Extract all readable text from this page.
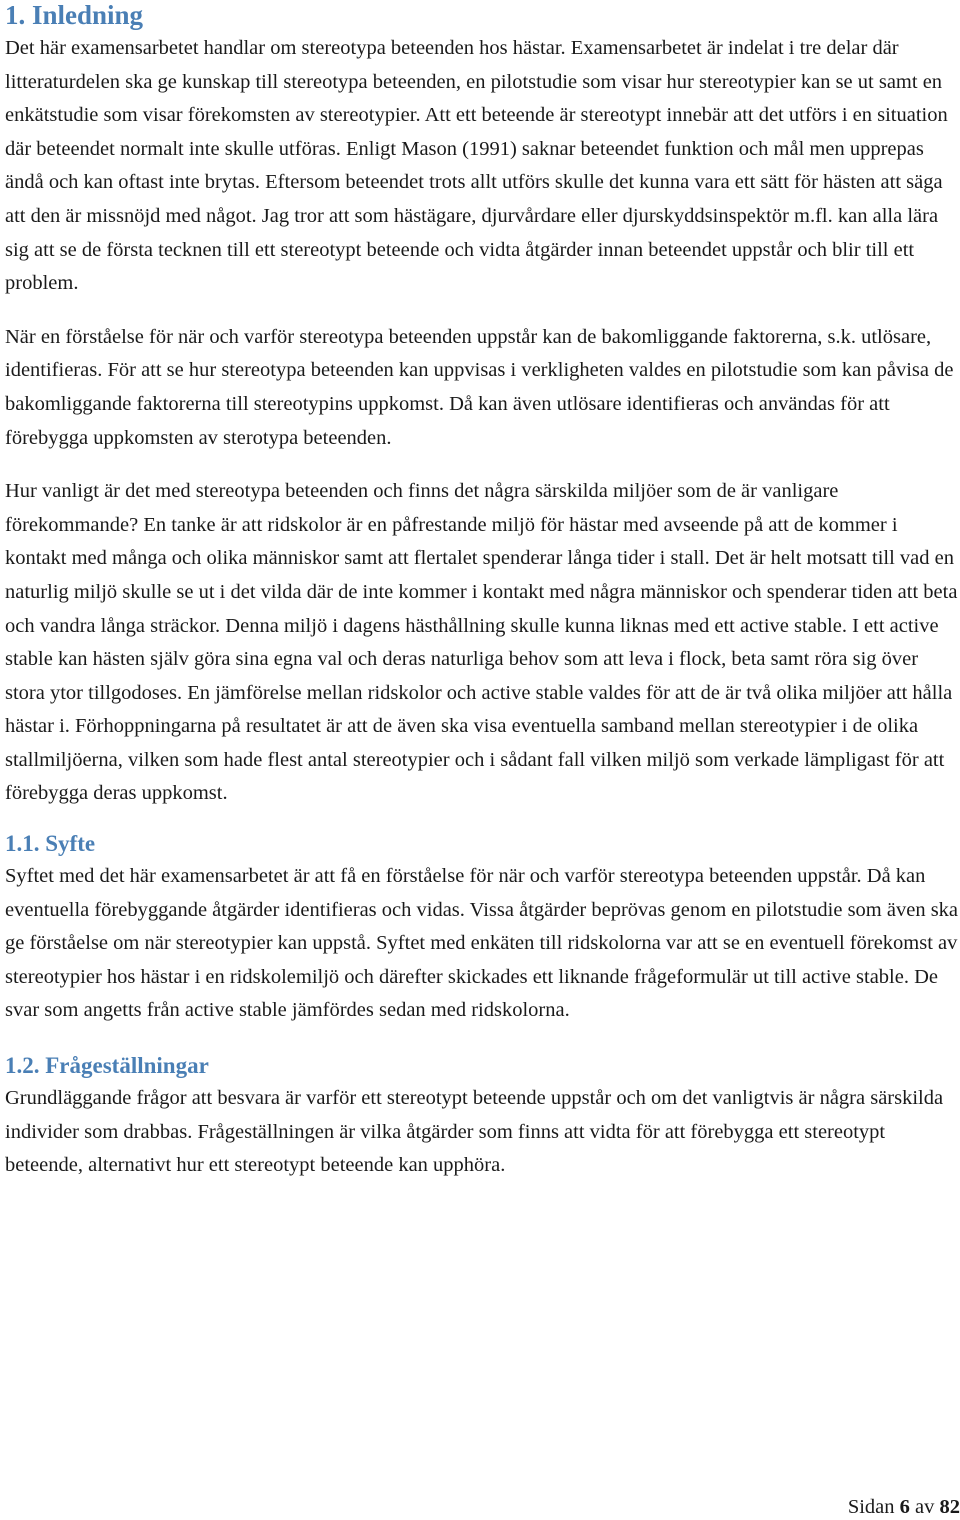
1. Inledning

Det här examensarbetet handlar om stereotypa beteenden hos hästar. Examensarbetet är indelat i tre delar där litteraturdelen ska ge kunskap till stereotypa beteenden, en pilotstudie som visar hur stereotypier kan se ut samt en enkätstudie som visar förekomsten av stereotypier. Att ett beteende är stereotypt innebär att det utförs i en situation där beteendet normalt inte skulle utföras. Enligt Mason (1991) saknar beteendet funktion och mål men upprepas ändå och kan oftast inte brytas. Eftersom beteendet trots allt utförs skulle det kunna vara ett sätt för hästen att säga att den är missnöjd med något. Jag tror att som hästägare, djurvårdare eller djurskyddsinspektör m.fl. kan alla lära sig att se de första tecknen till ett stereotypt beteende och vidta åtgärder innan beteendet uppstår och blir till ett problem.

När en förståelse för när och varför stereotypa beteenden uppstår kan de bakomliggande faktorerna, s.k. utlösare, identifieras. För att se hur stereotypa beteenden kan uppvisas i verkligheten valdes en pilotstudie som kan påvisa de bakomliggande faktorerna till stereotypins uppkomst. Då kan även utlösare identifieras och användas för att förebygga uppkomsten av sterotypa beteenden.

Hur vanligt är det med stereotypa beteenden och finns det några särskilda miljöer som de är vanligare förekommande? En tanke är att ridskolor är en påfrestande miljö för hästar med avseende på att de kommer i kontakt med många och olika människor samt att flertalet spenderar långa tider i stall. Det är helt motsatt till vad en naturlig miljö skulle se ut i det vilda där de inte kommer i kontakt med några människor och spenderar tiden att beta och vandra långa sträckor. Denna miljö i dagens hästhållning skulle kunna liknas med ett active stable. I ett active stable kan hästen själv göra sina egna val och deras naturliga behov som att leva i flock, beta samt röra sig över stora ytor tillgodoses. En jämförelse mellan ridskolor och active stable valdes för att de är två olika miljöer att hålla hästar i. Förhoppningarna på resultatet är att de även ska visa eventuella samband mellan stereotypier i de olika stallmiljöerna, vilken som hade flest antal stereotypier och i sådant fall vilken miljö som verkade lämpligast för att förebygga deras uppkomst.

1.1. Syfte

Syftet med det här examensarbetet är att få en förståelse för när och varför stereotypa beteenden uppstår. Då kan eventuella förebyggande åtgärder identifieras och vidas. Vissa åtgärder beprövas genom en pilotstudie som även ska ge förståelse om när stereotypier kan uppstå. Syftet med enkäten till ridskolorna var att se en eventuell förekomst av stereotypier hos hästar i en ridskolemiljö och därefter skickades ett liknande frågeformulär ut till active stable. De svar som angetts från active stable jämfördes sedan med ridskolorna.

1.2. Frågeställningar

Grundläggande frågor att besvara är varför ett stereotypt beteende uppstår och om det vanligtvis är några särskilda individer som drabbas. Frågeställningen är vilka åtgärder som finns att vidta för att förebygga ett stereotypt beteende, alternativt hur ett stereotypt beteende kan upphöra.

Sidan 6 av 82
